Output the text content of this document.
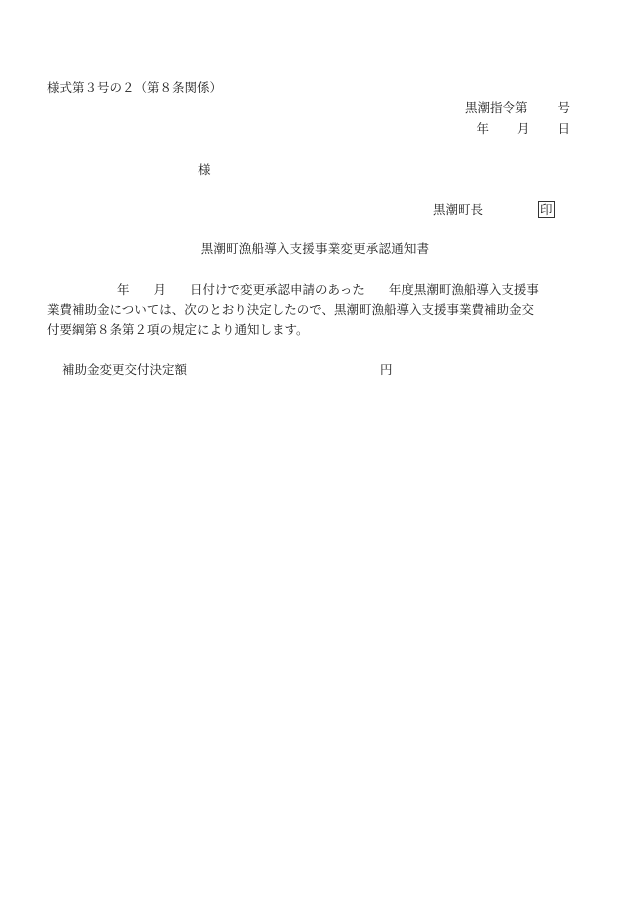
様式第３号の２（第８条関係）
黒潮指令第 号
年 月 日
様
黒潮町長	印
黒潮町漁船導入支援事業変更承認通知書
年 月 日付けで変更承認申請のあった 年度黒潮町漁船導入支援事
業費補助金については、次のとおり決定したので、黒潮町漁船導入支援事業費補助金交
付要綱第８条第２項の規定により通知します。
補助金変更交付決定額	円
